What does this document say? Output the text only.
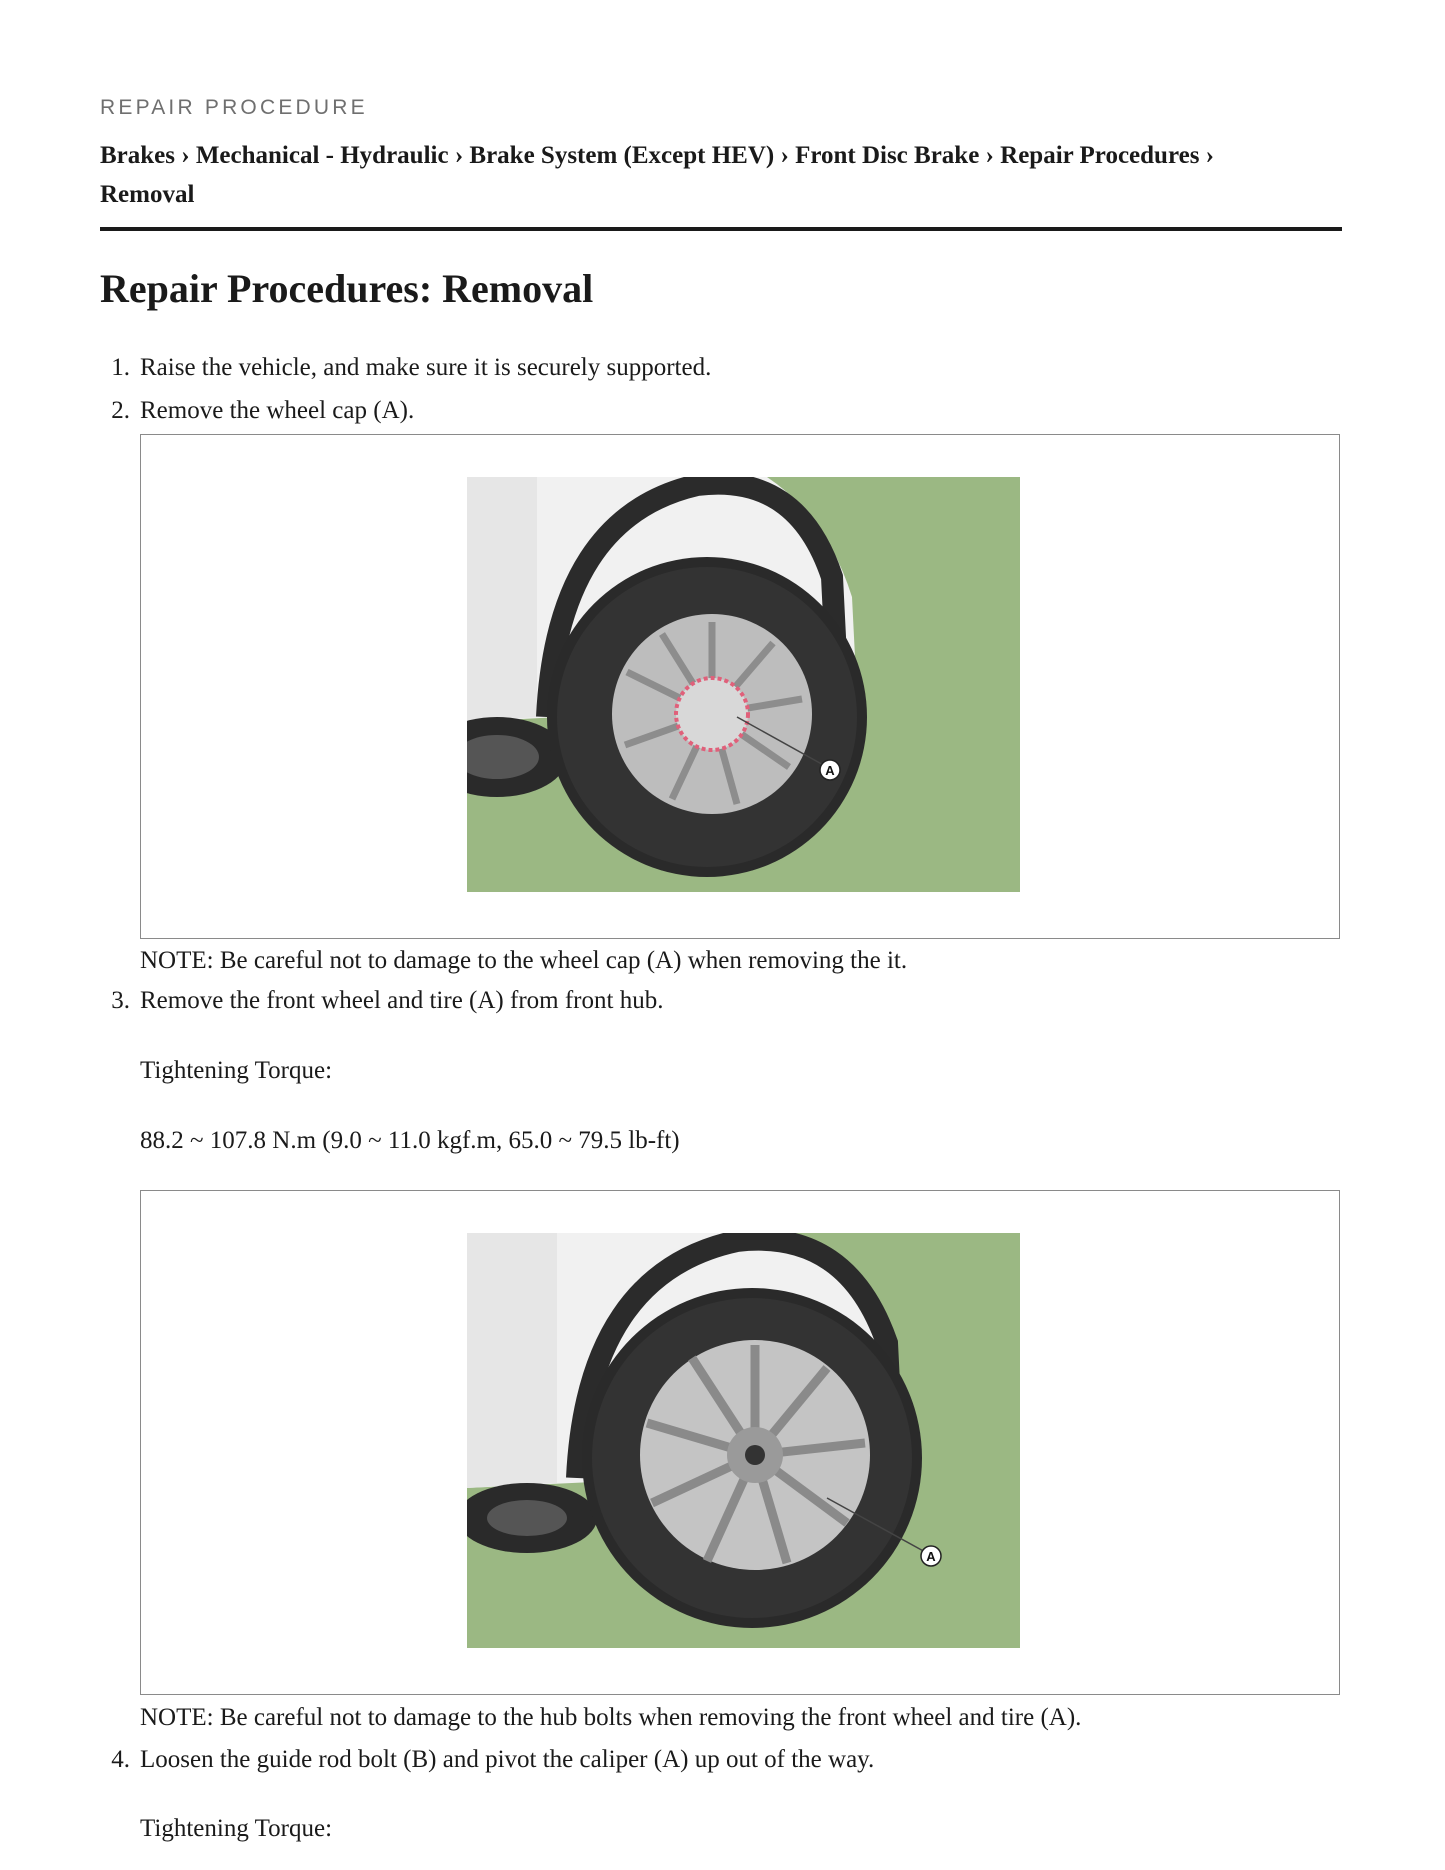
REPAIR PROCEDURE
Brakes › Mechanical - Hydraulic › Brake System (Except HEV) › Front Disc Brake › Repair Procedures ›
Removal
Repair Procedures: Removal
1. Raise the vehicle, and make sure it is securely supported.
2. Remove the wheel cap (A).
A
NOTE: Be careful not to damage to the wheel cap (A) when removing the it.
3. Remove the front wheel and tire (A) from front hub.
Tightening Torque:
88.2 ~ 107.8 N.m (9.0 ~ 11.0 kgf.m, 65.0 ~ 79.5 lb-ft)
A
NOTE: Be careful not to damage to the hub bolts when removing the front wheel and tire (A).
4. Loosen the guide rod bolt (B) and pivot the caliper (A) up out of the way.
Tightening Torque:
